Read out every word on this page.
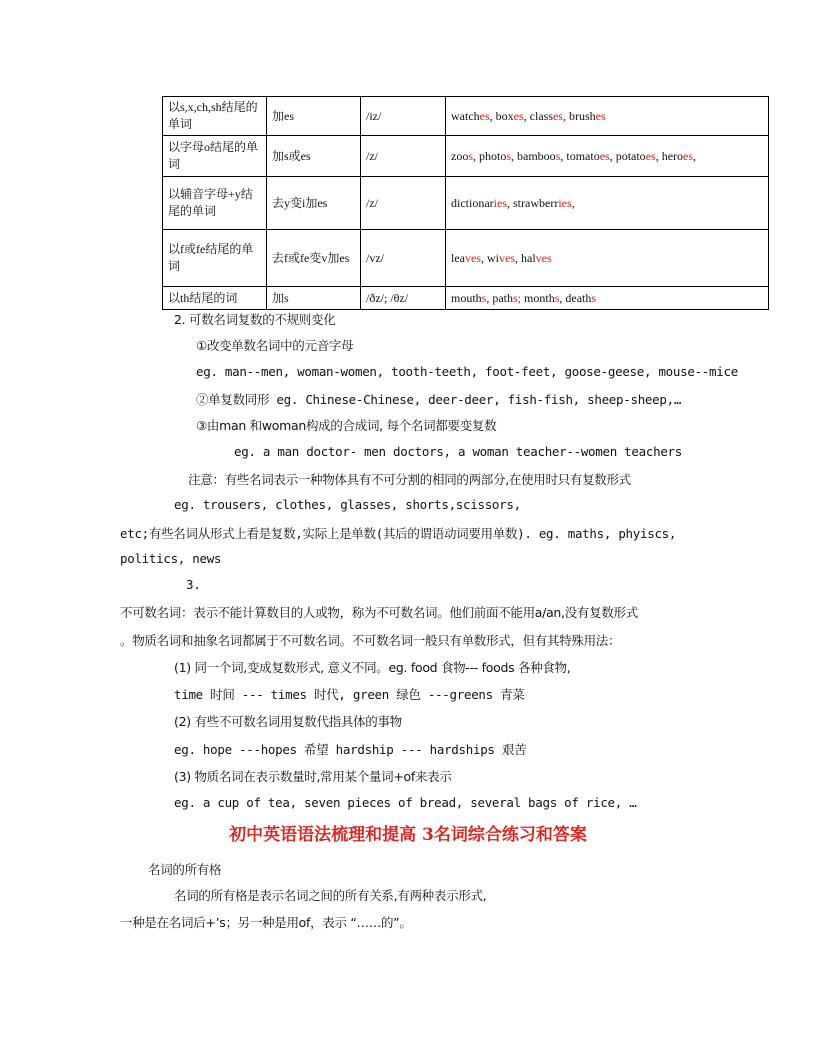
以s,x,ch,sh结尾的单词	加es	/iz/	watches, boxes, classes, brushes
以字母o结尾的单词	加s或es	/z/	zoos, photos, bamboos, tomatoes, potatoes, heroes,
以辅音字母+y结尾的单词	去y变i加es	/z/	dictionaries, strawberries,
以f或fe结尾的单词	去f或fe变v加es	/vz/	leaves, wives, halves
以th结尾的词	加s	/ðz/; /θz/	mouths, paths; months, deaths
2. 可数名词复数的不规则变化
①改变单数名词中的元音字母
eg. man--men, woman-women, tooth-teeth, foot-feet, goose-geese, mouse--mice
②单复数同形 eg. Chinese-Chinese, deer-deer, fish-fish, sheep-sheep,…
③由man 和woman构成的合成词, 每个名词都要变复数
eg. a man doctor- men doctors, a woman teacher--women teachers
注意：有些名词表示一种物体具有不可分割的相同的两部分,在使用时只有复数形式
eg. trousers, clothes, glasses, shorts,scissors,
etc;有些名词从形式上看是复数,实际上是单数(其后的谓语动词要用单数). eg. maths, phyiscs,
politics, news
3.
不可数名词：表示不能计算数目的人或物，称为不可数名词。他们前面不能用a/an,没有复数形式
。物质名词和抽象名词都属于不可数名词。不可数名词一般只有单数形式，但有其特殊用法：
(1) 同一个词,变成复数形式, 意义不同。eg. food 食物--- foods 各种食物,
time 时间 --- times 时代, green 绿色 ---greens 青菜
(2) 有些不可数名词用复数代指具体的事物
eg. hope ---hopes 希望 hardship --- hardships 艰苦
(3) 物质名词在表示数量时,常用某个量词+of来表示
eg. a cup of tea, seven pieces of bread, several bags of rice, …
初中英语语法梳理和提高 3名词综合练习和答案
名词的所有格
名词的所有格是表示名词之间的所有关系,有两种表示形式,
一种是在名词后+’s；另一种是用of，表示 “……的”。
